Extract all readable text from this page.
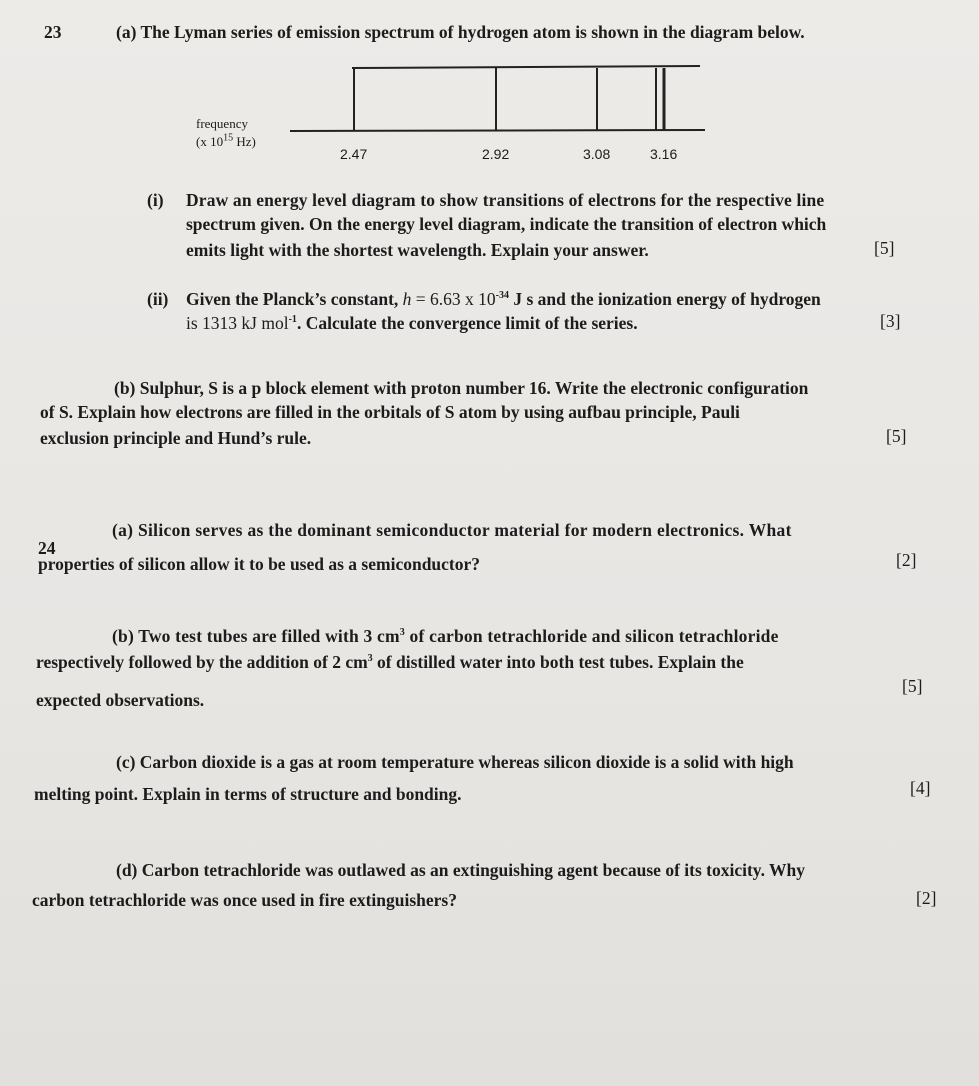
23	(a) The Lyman series of emission spectrum of hydrogen atom is shown in the diagram below.
frequency
(x $10^{15}$ Hz)
2.47	2.92	3.08	3.16
(i) Draw an energy level diagram to show transitions of electrons for the respective line
spectrum given. On the energy level diagram, indicate the transition of electron which
emits light with the shortest wavelength. Explain your answer.	[5]
(ii) Given the Planck’s constant, h = 6.63 x $10^{-34}$ J s and the ionization energy of hydrogen
is 1313 kJ mol$^{-1}$. Calculate the convergence limit of the series.	[3]
(b) Sulphur, S is a p block element with proton number 16. Write the electronic configuration
of S. Explain how electrons are filled in the orbitals of S atom by using aufbau principle, Pauli
exclusion principle and Hund’s rule.	[5]
24
(a) Silicon serves as the dominant semiconductor material for modern electronics. What
properties of silicon allow it to be used as a semiconductor?	[2]
(b) Two test tubes are filled with 3 $cm^3$ of carbon tetrachloride and silicon tetrachloride
respectively followed by the addition of 2 $cm^3$ of distilled water into both test tubes. Explain the
expected observations.
[5]
(c) Carbon dioxide is a gas at room temperature whereas silicon dioxide is a solid with high
melting point. Explain in terms of structure and bonding.	[4]
(d) Carbon tetrachloride was outlawed as an extinguishing agent because of its toxicity. Why
carbon tetrachloride was once used in fire extinguishers?	[2]
